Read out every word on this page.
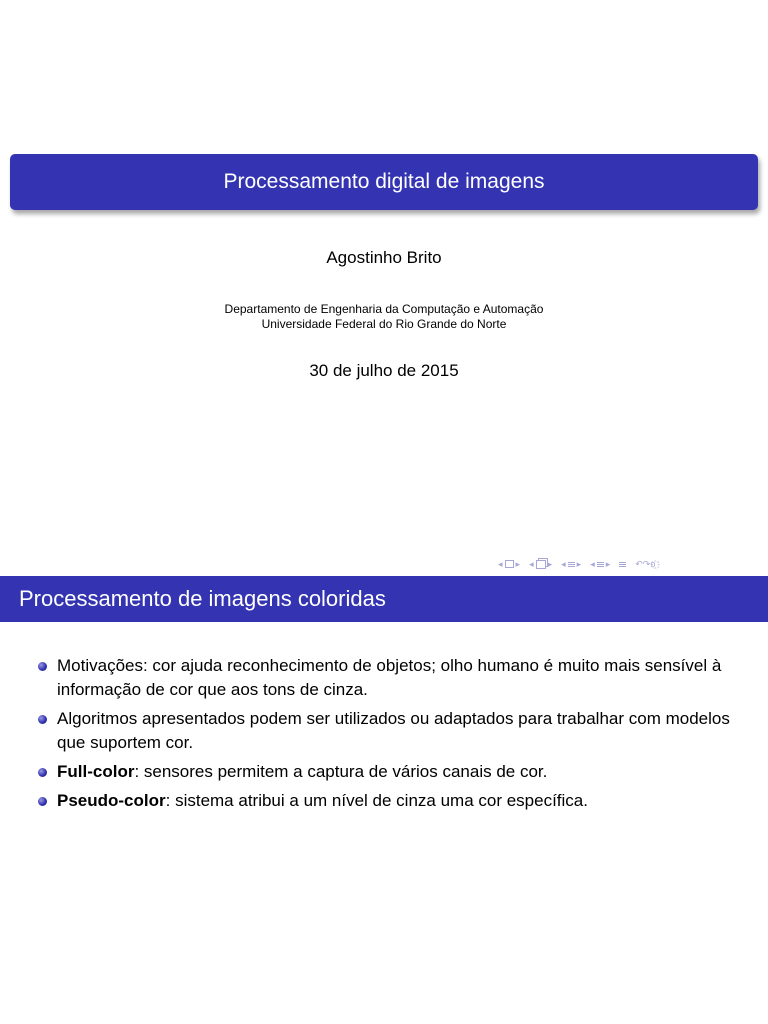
Processamento digital de imagens
Agostinho Brito
Departamento de Engenharia da Computação e Automação
Universidade Federal do Rio Grande do Norte
30 de julho de 2015
◂ ▸ ◂ ▸ ◂ ▸ ◂ ▸	↶↷ᴏ҈
Processamento de imagens coloridas
Motivações: cor ajuda reconhecimento de objetos; olho humano é muito mais sensível à informação de cor que aos tons de cinza.
Algoritmos apresentados podem ser utilizados ou adaptados para trabalhar com modelos que suportem cor.
Full-color: sensores permitem a captura de vários canais de cor.
Pseudo-color: sistema atribui a um nível de cinza uma cor específica.
